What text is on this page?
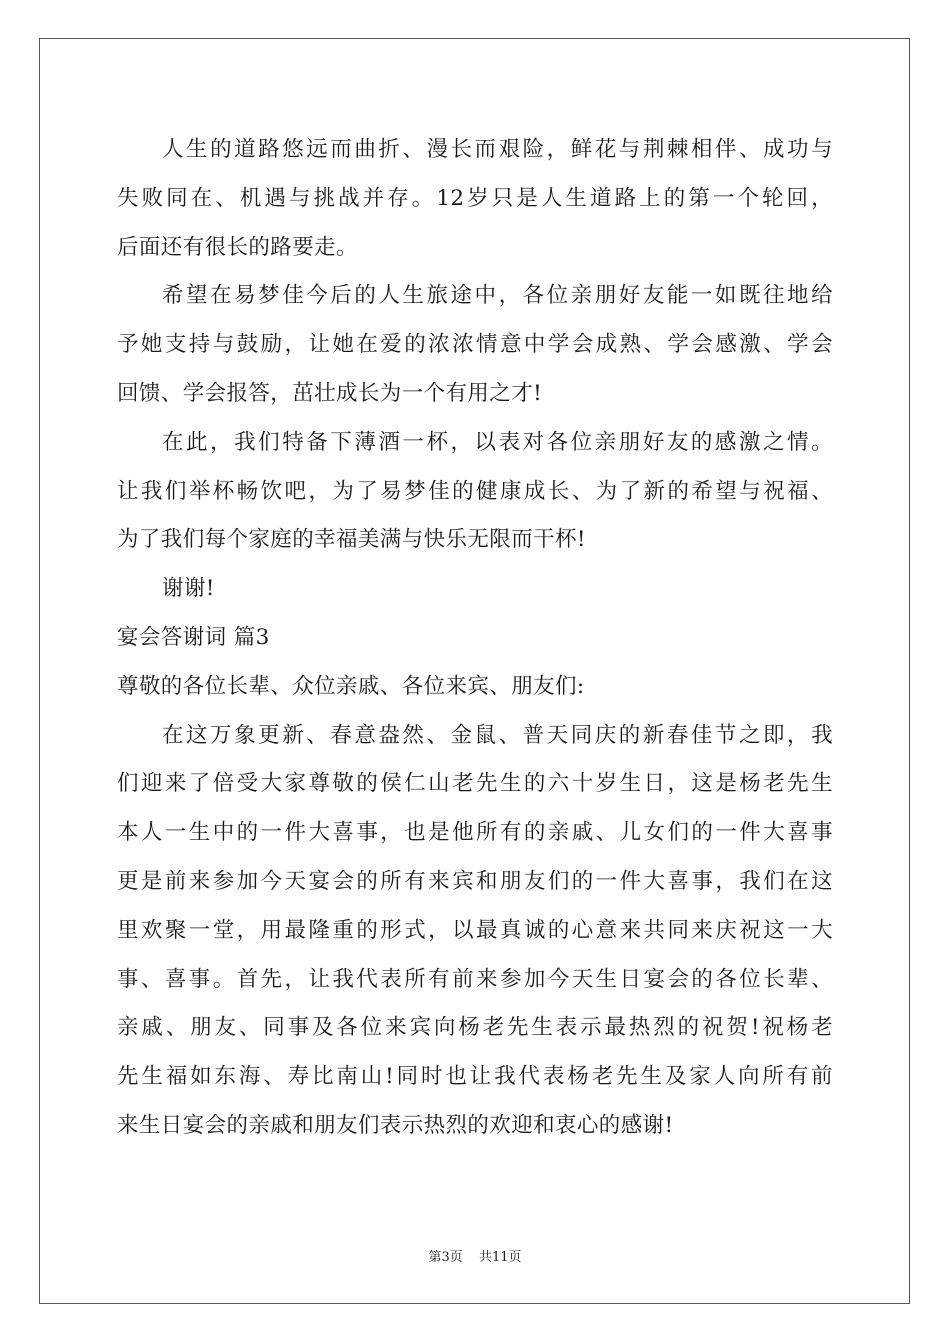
人生的道路悠远而曲折、漫长而艰险，鲜花与荆棘相伴、成功与
失败同在、机遇与挑战并存。12岁只是人生道路上的第一个轮回，
后面还有很长的路要走。
希望在易梦佳今后的人生旅途中，各位亲朋好友能一如既往地给
予她支持与鼓励，让她在爱的浓浓情意中学会成熟、学会感激、学会
回馈、学会报答，茁壮成长为一个有用之才!
在此，我们特备下薄酒一杯，以表对各位亲朋好友的感激之情。
让我们举杯畅饮吧，为了易梦佳的健康成长、为了新的希望与祝福、
为了我们每个家庭的幸福美满与快乐无限而干杯!
谢谢!
宴会答谢词 篇3
尊敬的各位长辈、众位亲戚、各位来宾、朋友们:
在这万象更新、春意盎然、金鼠、普天同庆的新春佳节之即，我
们迎来了倍受大家尊敬的侯仁山老先生的六十岁生日，这是杨老先生
本人一生中的一件大喜事，也是他所有的亲戚、儿女们的一件大喜事
更是前来参加今天宴会的所有来宾和朋友们的一件大喜事，我们在这
里欢聚一堂，用最隆重的形式，以最真诚的心意来共同来庆祝这一大
事、喜事。首先，让我代表所有前来参加今天生日宴会的各位长辈、
亲戚、朋友、同事及各位来宾向杨老先生表示最热烈的祝贺!祝杨老
先生福如东海、寿比南山!同时也让我代表杨老先生及家人向所有前
来生日宴会的亲戚和朋友们表示热烈的欢迎和衷心的感谢!
第3页 共11页
